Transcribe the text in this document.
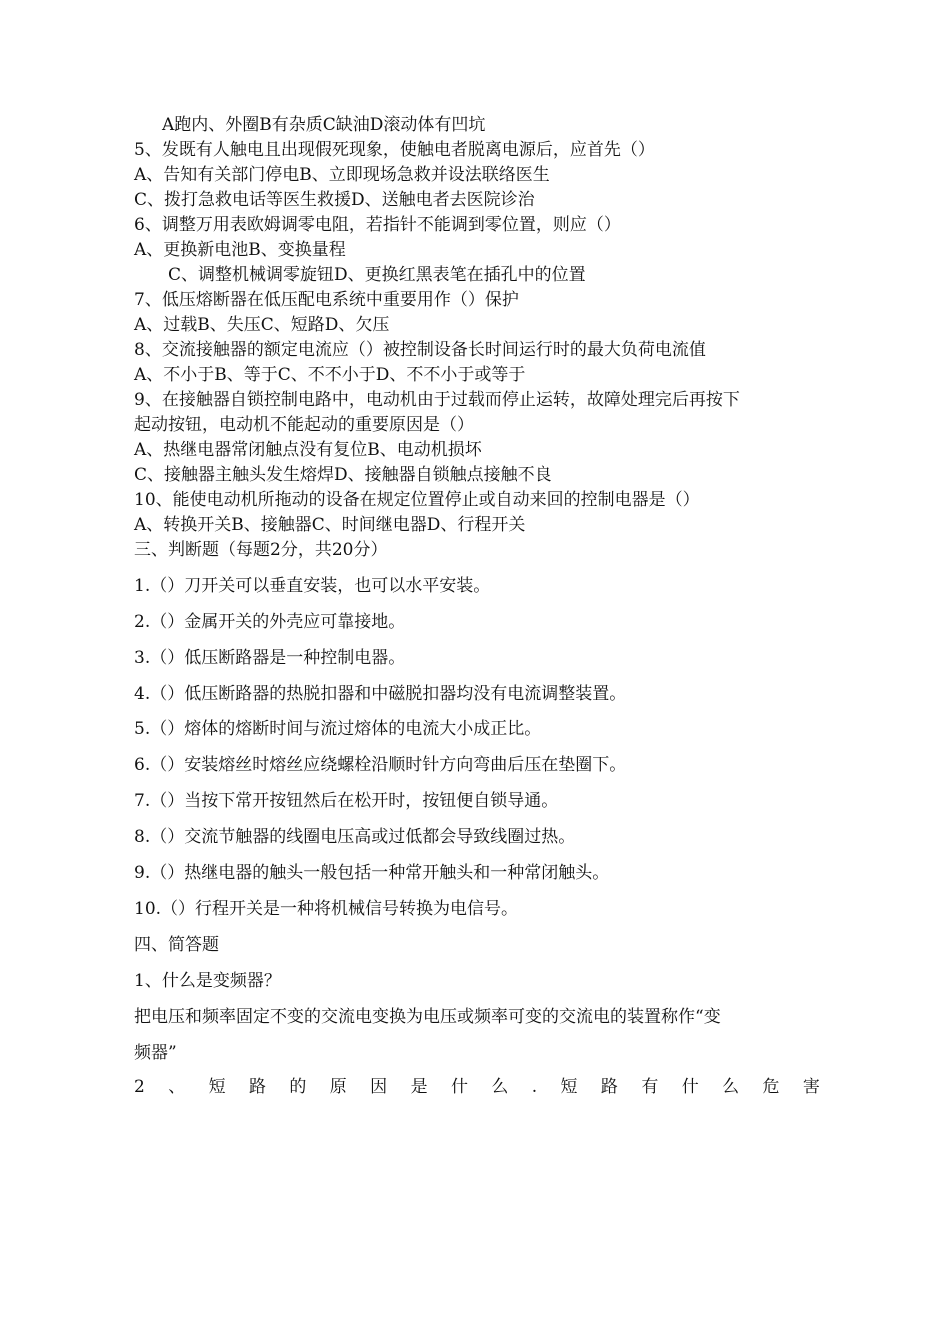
A跑内、外圈B有杂质C缺油D滚动体有凹坑
5、发既有人触电且出现假死现象，使触电者脱离电源后，应首先（）
A、告知有关部门停电B、立即现场急救并设法联络医生
C、拨打急救电话等医生救援D、送触电者去医院诊治
6、调整万用表欧姆调零电阻，若指针不能调到零位置，则应（）
A、更换新电池B、变换量程
C、调整机械调零旋钮D、更换红黑表笔在插孔中的位置
7、低压熔断器在低压配电系统中重要用作（）保护
A、过载B、失压C、短路D、欠压
8、交流接触器的额定电流应（）被控制设备长时间运行时的最大负荷电流值
A、不小于B、等于C、不不小于D、不不小于或等于
9、在接触器自锁控制电路中，电动机由于过载而停止运转，故障处理完后再按下
起动按钮，电动机不能起动的重要原因是（）
A、热继电器常闭触点没有复位B、电动机损坏
C、接触器主触头发生熔焊D、接触器自锁触点接触不良
10、能使电动机所拖动的设备在规定位置停止或自动来回的控制电器是（）
A、转换开关B、接触器C、时间继电器D、行程开关
三、判断题（每题2分，共20分）
1.（）刀开关可以垂直安装，也可以水平安装。
2.（）金属开关的外壳应可靠接地。
3.（）低压断路器是一种控制电器。
4.（）低压断路器的热脱扣器和中磁脱扣器均没有电流调整装置。
5.（）熔体的熔断时间与流过熔体的电流大小成正比。
6.（）安装熔丝时熔丝应绕螺栓沿顺时针方向弯曲后压在垫圈下。
7.（）当按下常开按钮然后在松开时，按钮便自锁导通。
8.（）交流节触器的线圈电压高或过低都会导致线圈过热。
9.（）热继电器的触头一般包括一种常开触头和一种常闭触头。
10.（）行程开关是一种将机械信号转换为电信号。
四、简答题
1、什么是变频器？
把电压和频率固定不变的交流电变换为电压或频率可变的交流电的装置称作“变
频器”
2 、 短 路 的 原 因 是 什 么 . 短 路 有 什 么 危 害
